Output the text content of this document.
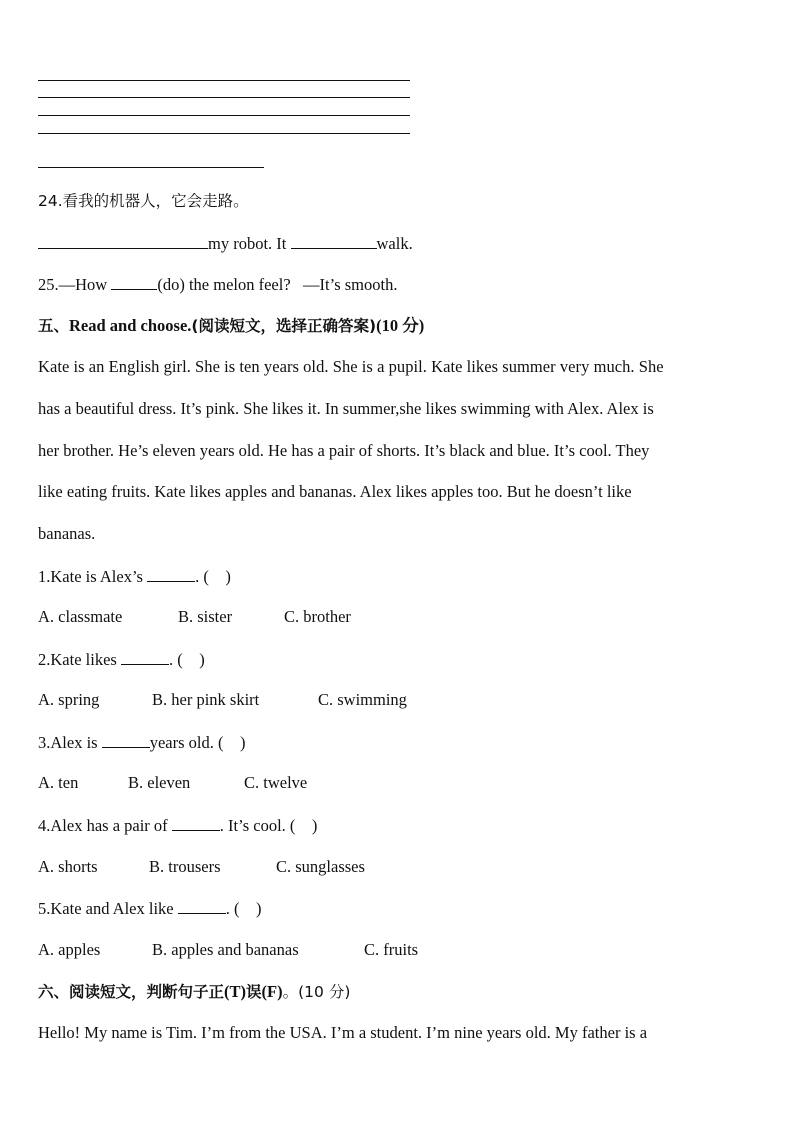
24.看我的机器人，它会走路。
my robot. It	walk.
25.—How	(do) the melon feel? —It’s smooth.
五、Read and choose.(阅读短文，选择正确答案)(10 分)
Kate is an English girl. She is ten years old. She is a pupil. Kate likes summer very much. She
has a beautiful dress. It’s pink. She likes it. In summer,she likes swimming with Alex. Alex is
her brother. He’s eleven years old. He has a pair of shorts. It’s black and blue. It’s cool. They
like eating fruits. Kate likes apples and bananas. Alex likes apples too. But he doesn’t like
bananas.
1.Kate is Alex’s	. ( )
A. classmate	B. sister	C. brother
2.Kate likes	. ( )
A. spring	B. her pink skirt	C. swimming
3.Alex is	years old. ( )
A. ten	B. eleven	C. twelve
4.Alex has a pair of	. It’s cool. ( )
A. shorts	B. trousers	C. sunglasses
5.Kate and Alex like	. ( )
A. apples	B. apples and bananas	C. fruits
六、阅读短文，判断句子正(T)误(F)。(10 分)
Hello! My name is Tim. I’m from the USA. I’m a student. I’m nine years old. My father is a
